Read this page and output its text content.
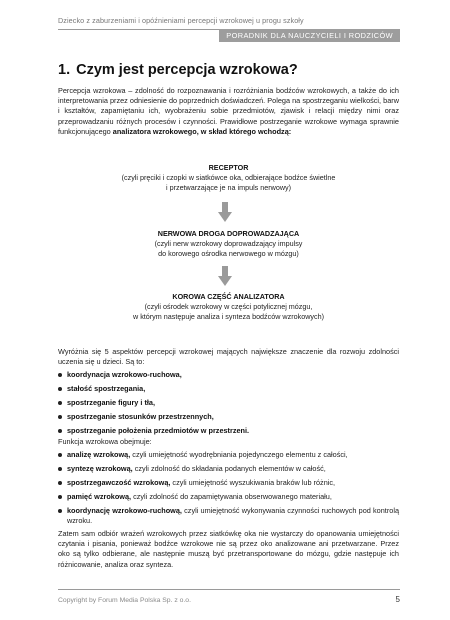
Dziecko z zaburzeniami i opóźnieniami percepcji wzrokowej u progu szkoły
PORADNIK DLA NAUCZYCIELI I RODZICÓW
1. Czym jest percepcja wzrokowa?

Percepcja wzrokowa – zdolność do rozpoznawania i rozróżniania bodźców wzrokowych, a także do ich interpretowania przez odniesienie do poprzednich doświadczeń. Polega na spostrzeganiu wielkości, barw i kształtów, zapamiętaniu ich, wyobrażeniu sobie przedmiotów, zjawisk i relacji między nimi oraz przeprowadzaniu różnych procesów i czynności. Prawidłowe postrzeganie wzrokowe wymaga sprawnie funkcjonującego analizatora wzrokowego, w skład którego wchodzą:

RECEPTOR
(czyli pręciki i czopki w siatkówce oka, odbierające bodźce świetlne
i przetwarzające je na impuls nerwowy)
NERWOWA DROGA DOPROWADZAJĄCA
(czyli nerw wzrokowy doprowadzający impulsy
do korowego ośrodka nerwowego w mózgu)
KOROWA CZĘŚĆ ANALIZATORA
(czyli ośrodek wzrokowy w części potylicznej mózgu,
w którym następuje analiza i synteza bodźców wzrokowych)

Wyróżnia się 5 aspektów percepcji wzrokowej mających największe znaczenie dla rozwoju zdolności uczenia się u dzieci. Są to:

koordynacja wzrokowo-ruchowa,
stałość spostrzegania,
spostrzeganie figury i tła,
spostrzeganie stosunków przestrzennych,
spostrzeganie położenia przedmiotów w przestrzeni.

Funkcja wzrokowa obejmuje:

analizę wzrokową, czyli umiejętność wyodrębniania pojedynczego elementu z całości,
syntezę wzrokową, czyli zdolność do składania podanych elementów w całość,
spostrzegawczość wzrokową, czyli umiejętność wyszukiwania braków lub różnic,
pamięć wzrokową, czyli zdolność do zapamiętywania obserwowanego materiału,
koordynację wzrokowo-ruchową, czyli umiejętność wykonywania czynności ruchowych pod kontrolą wzroku.

Zatem sam odbiór wrażeń wzrokowych przez siatkówkę oka nie wystarczy do opanowania umiejętności czytania i pisania, ponieważ bodźce wzrokowe nie są przez oko analizowane ani przetwarzane. Przez oko są tylko odbierane, ale następnie muszą być przetransportowane do mózgu, gdzie następuje ich różnicowanie, analiza oraz synteza.

Copyright by Forum Media Polska Sp. z o.o.	5
